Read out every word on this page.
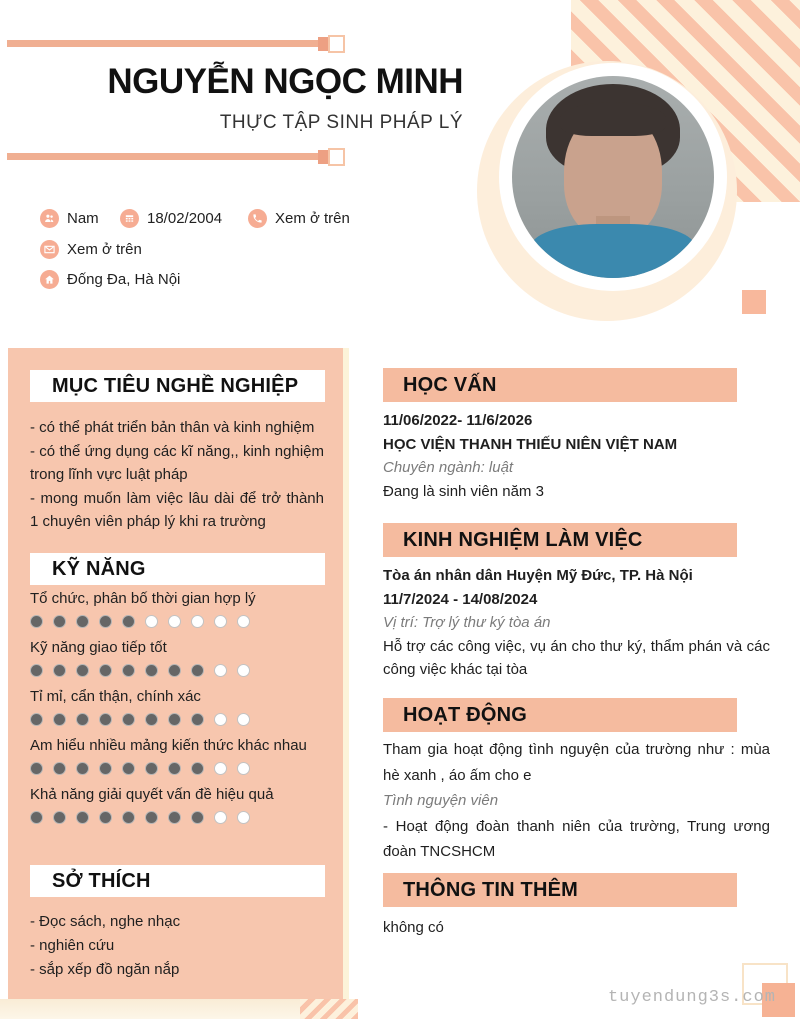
NGUYỄN NGỌC MINH
THỰC TẬP SINH PHÁP LÝ
Nam	18/02/2004	Xem ở trên
Xem ở trên
Đống Đa, Hà Nội
MỤC TIÊU NGHỀ NGHIỆP
- có thể phát triển bản thân và kinh nghiệm
- có thể ứng dụng các kĩ năng,, kinh nghiệm trong lĩnh vực luật pháp
- mong muốn làm việc lâu dài để trở thành 1 chuyên viên pháp lý khi ra trường
KỸ NĂNG
Tổ chức, phân bố thời gian hợp lý
Kỹ năng giao tiếp tốt
Tỉ mỉ, cẩn thận, chính xác
Am hiểu nhiều mảng kiến thức khác nhau
Khả năng giải quyết vấn đề hiệu quả
SỞ THÍCH
- Đọc sách, nghe nhạc
- nghiên cứu
- sắp xếp đồ ngăn nắp
HỌC VẤN
11/06/2022- 11/6/2026
HỌC VIỆN THANH THIẾU NIÊN VIỆT NAM
Chuyên ngành: luật
Đang là sinh viên năm 3
KINH NGHIỆM LÀM VIỆC
Tòa án nhân dân Huyện Mỹ Đức, TP. Hà Nội
11/7/2024 - 14/08/2024
Vị trí: Trợ lý thư ký tòa án
Hỗ trợ các công việc, vụ án cho thư ký, thẩm phán và các công việc khác tại tòa
HOẠT ĐỘNG
Tham gia hoạt động tình nguyện của trường như : mùa hè xanh , áo ấm cho e
Tình nguyện viên
- Hoạt động đoàn thanh niên của trường, Trung ương đoàn TNCSHCM
THÔNG TIN THÊM
không có
tuyendung3s.com
